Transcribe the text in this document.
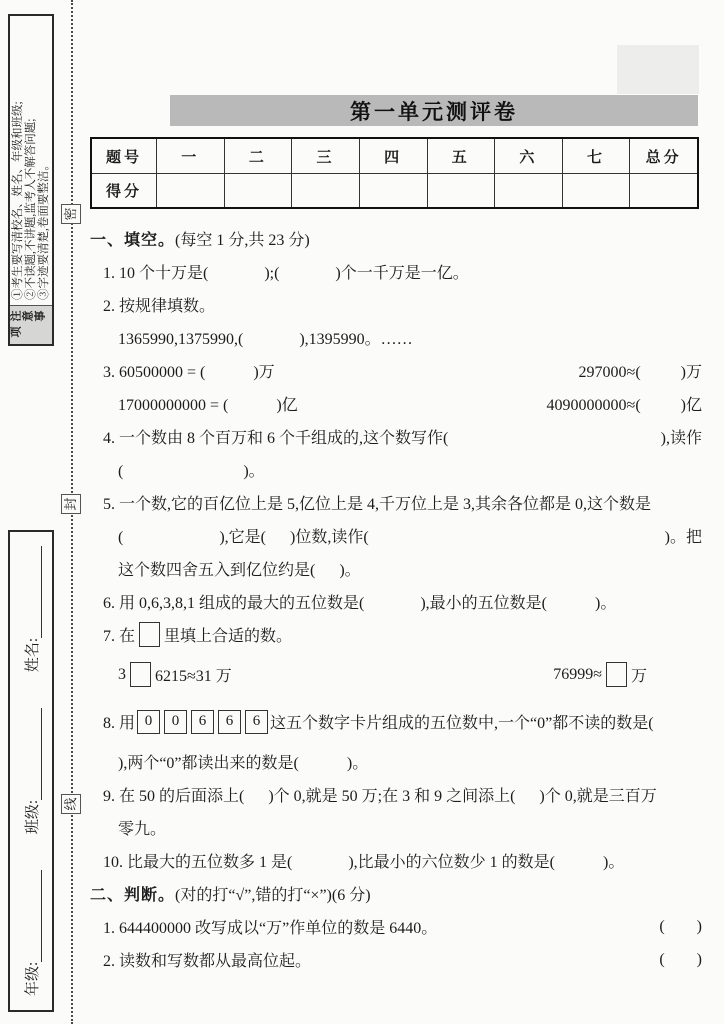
注意事项
①考生要写清校名、姓名、年级和班级; ②不读题,不讲题,监考人不解答问题; ③字迹要清楚,卷面要整洁。
年级:
班级:
姓名:
密
封
线
第一单元测评卷
题号	一	二	三	四	五	六	七	总分
得分
一、填空。 (每空 1 分,共 23 分)
1. 10 个十万是(              );(              )个一千万是一亿。
2. 按规律填数。
1365990,1375990,(              ),1395990。……
3. 60500000 = (            )万	297000≈(          )万
17000000000 = (            )亿	4090000000≈(          )亿
4. 一个数由 8 个百万和 6 个千组成的,这个数写作(	),读作
(                              )。
5. 一个数,它的百亿位上是 5,亿位上是 4,千万位上是 3,其余各位都是 0,这个数是
(                        ),它是(      )位数,读作(	)。把
这个数四舍五入到亿位约是(      )。
6. 用 0,6,3,8,1 组成的最大的五位数是(              ),最小的五位数是(            )。
7. 在 里填上合适的数。
3 6215≈31 万	76999≈ 万
8. 用 0	0	6	6	6 这五个数字卡片组成的五位数中,一个“0”都不读的数是(
),两个“0”都读出来的数是(            )。
9. 在 50 的后面添上(      )个 0,就是 50 万;在 3 和 9 之间添上(      )个 0,就是三百万
零九。
10. 比最大的五位数多 1 是(              ),比最小的六位数少 1 的数是(            )。
二、判断。 (对的打“√”,错的打“×”)(6 分)
1. 644400000 改写成以“万”作单位的数是 6440。	(        )
2. 读数和写数都从最高位起。	(        )
